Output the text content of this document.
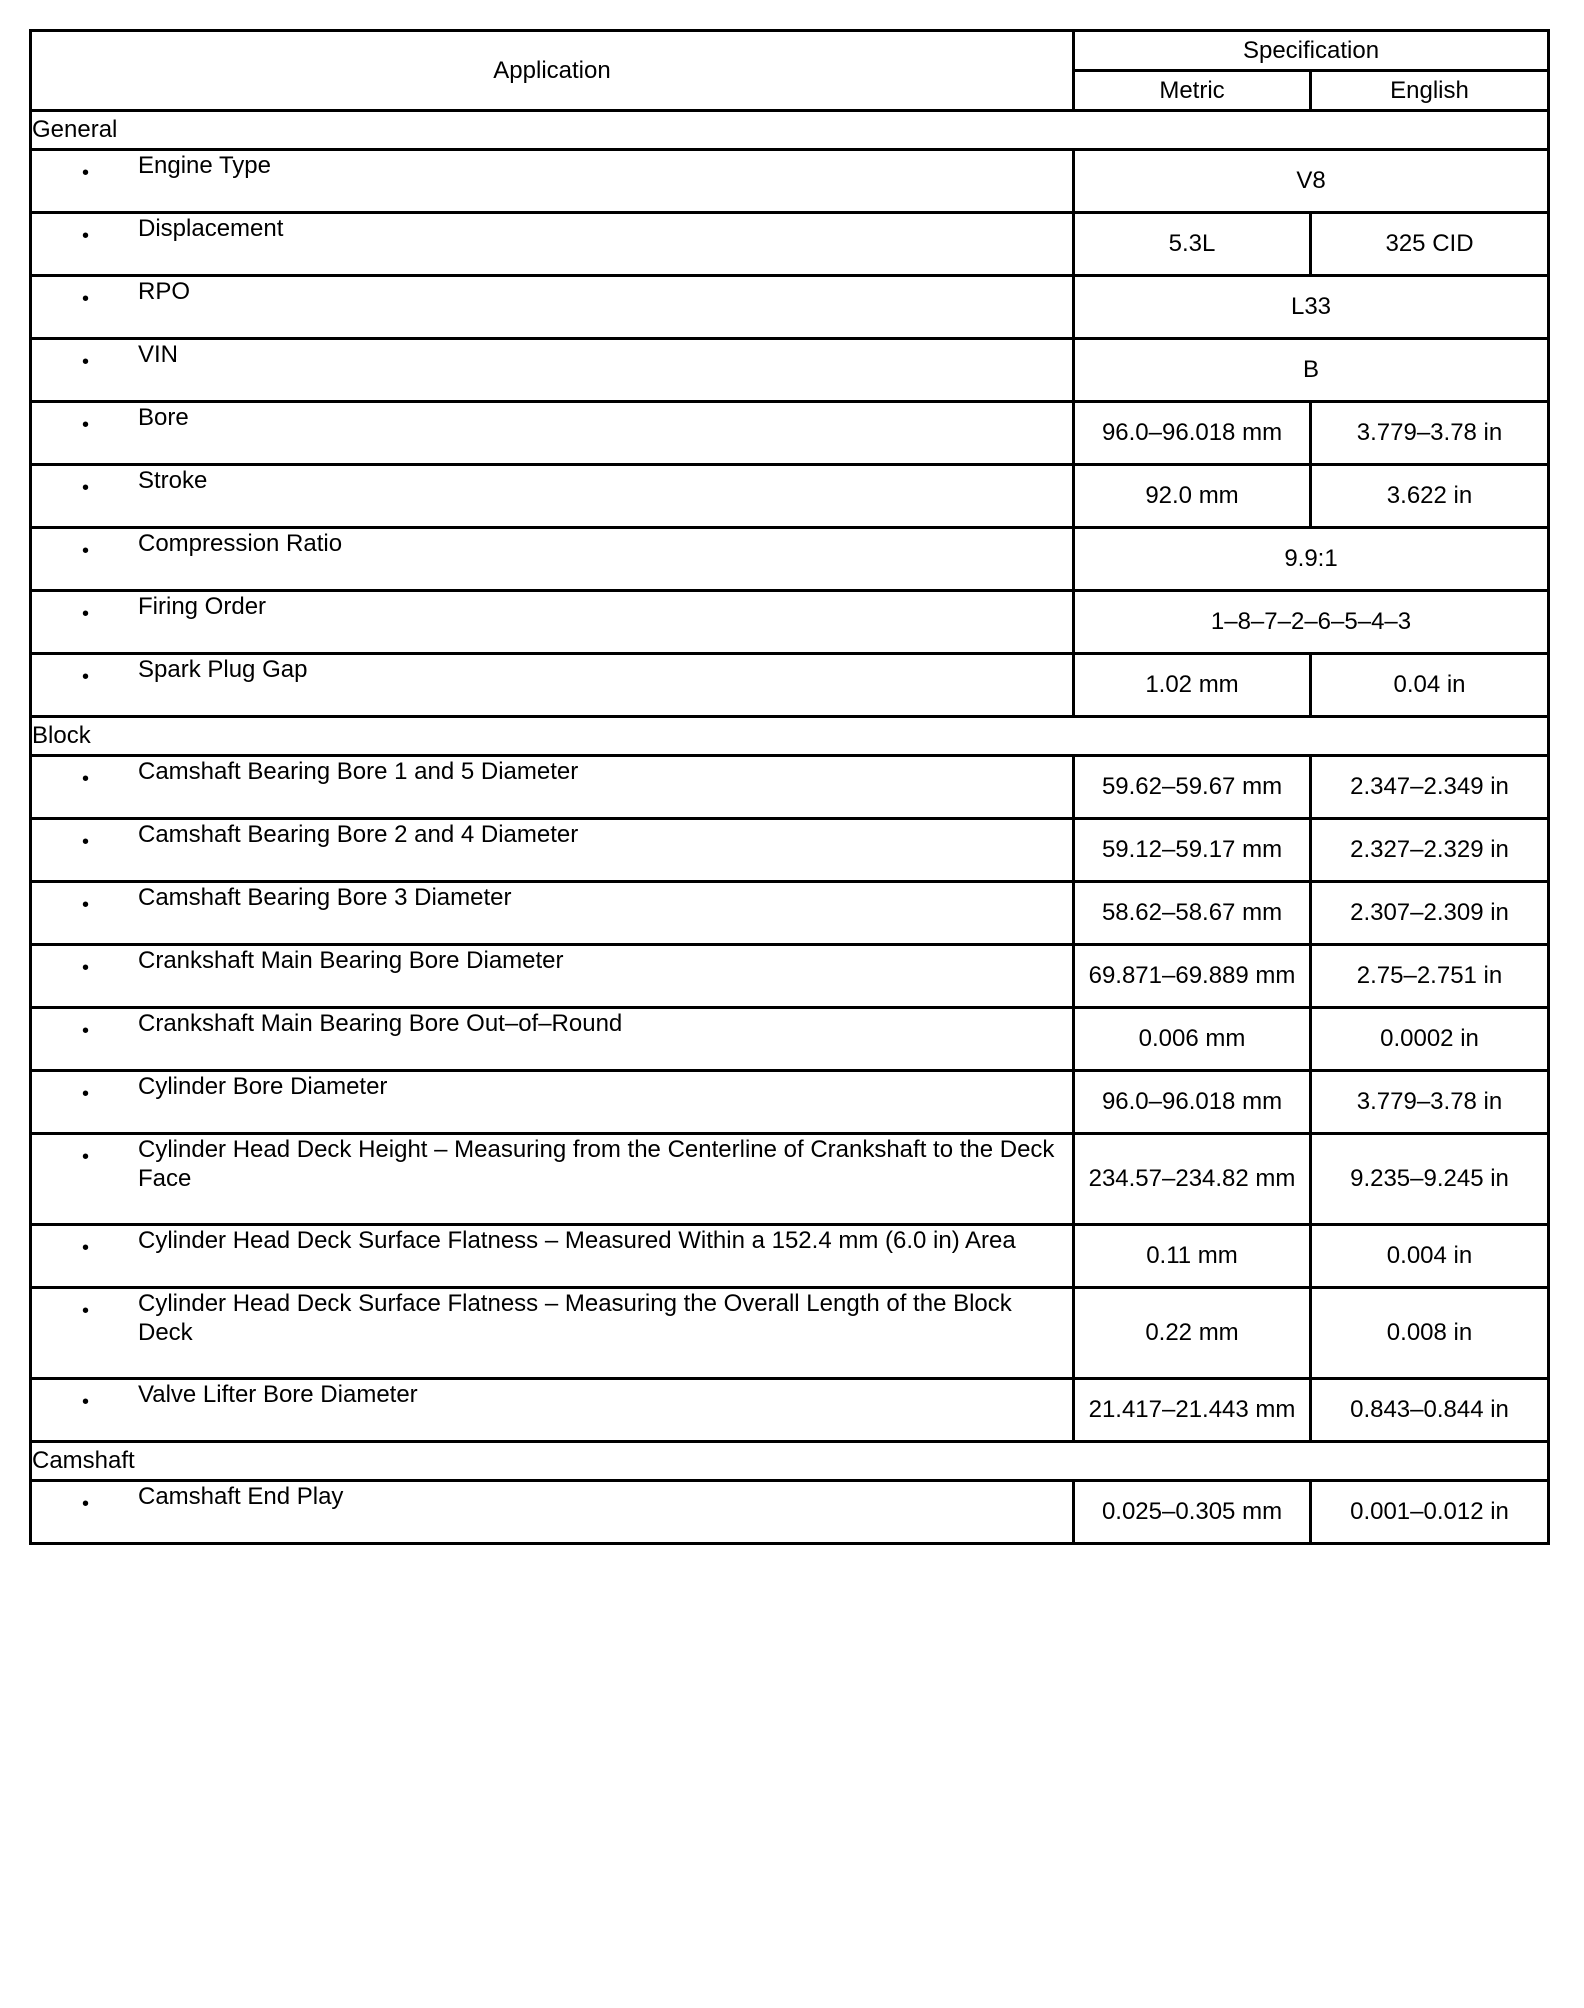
Application	Specification	
	Metric	English
General		

• Engine Type	V8	

• Displacement	5.3L	325 CID

• RPO	L33	

• VIN	B	

• Bore	96.0–96.018 mm	3.779–3.78 in

• Stroke	92.0 mm	3.622 in

• Compression Ratio	9.9:1	

• Firing Order	1–8–7–2–6–5–4–3	

• Spark Plug Gap	1.02 mm	0.04 in
Block		

• Camshaft Bearing Bore 1 and 5 Diameter	59.62–59.67 mm	2.347–2.349 in

• Camshaft Bearing Bore 2 and 4 Diameter	59.12–59.17 mm	2.327–2.329 in

• Camshaft Bearing Bore 3 Diameter	58.62–58.67 mm	2.307–2.309 in

• Crankshaft Main Bearing Bore Diameter	69.871–69.889 mm	2.75–2.751 in

• Crankshaft Main Bearing Bore Out–of–Round	0.006 mm	0.0002 in

• Cylinder Bore Diameter	96.0–96.018 mm	3.779–3.78 in

• Cylinder Head Deck Height – Measuring from the Centerline of Crankshaft to the Deck Face	234.57–234.82 mm	9.235–9.245 in

• Cylinder Head Deck Surface Flatness – Measured Within a 152.4 mm (6.0 in) Area	0.11 mm	0.004 in

• Cylinder Head Deck Surface Flatness – Measuring the Overall Length of the Block Deck	0.22 mm	0.008 in

• Valve Lifter Bore Diameter	21.417–21.443 mm	0.843–0.844 in
Camshaft		

• Camshaft End Play	0.025–0.305 mm	0.001–0.012 in
